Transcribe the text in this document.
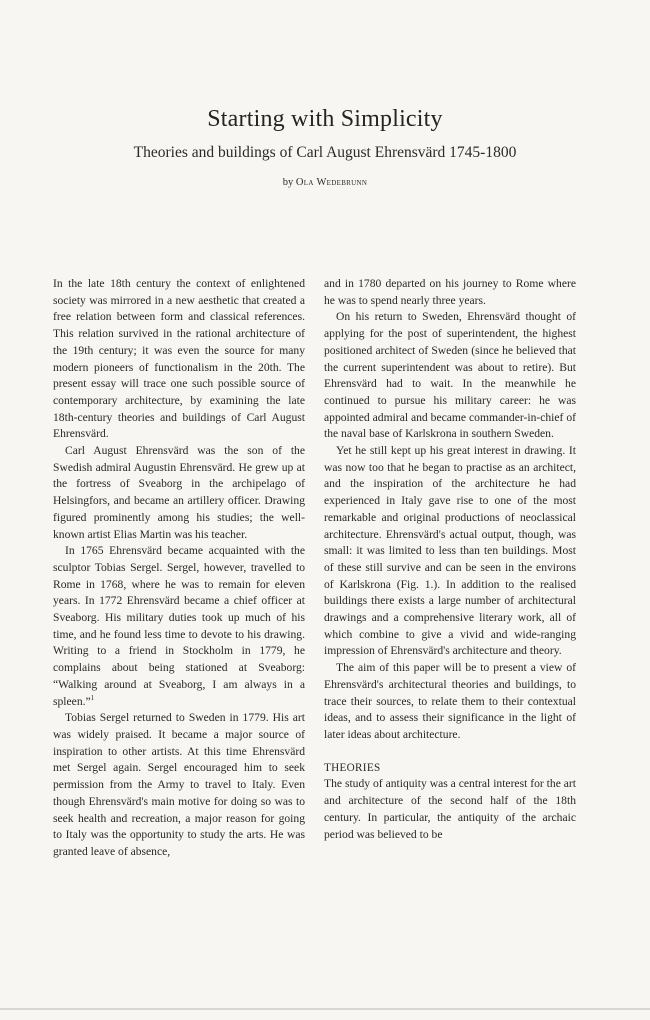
Starting with Simplicity
Theories and buildings of Carl August Ehrensvärd 1745-1800
by Ola Wedebrunn

In the late 18th century the context of enlightened society was mirrored in a new aesthetic that created a free relation between form and classical references. This relation survived in the rational architecture of the 19th century; it was even the source for many modern pioneers of functionalism in the 20th. The present essay will trace one such possible source of contemporary architecture, by examining the late 18th-century theories and buildings of Carl August Ehrensvärd.

Carl August Ehrensvärd was the son of the Swedish admiral Augustin Ehrensvärd. He grew up at the fortress of Sveaborg in the archipelago of Helsingfors, and became an artillery officer. Drawing figured prominently among his studies; the well-known artist Elias Martin was his teacher.

In 1765 Ehrensvärd became acquainted with the sculptor Tobias Sergel. Sergel, however, travelled to Rome in 1768, where he was to remain for eleven years. In 1772 Ehrensvärd became a chief officer at Sveaborg. His military duties took up much of his time, and he found less time to devote to his drawing. Writing to a friend in Stockholm in 1779, he complains about being stationed at Sveaborg: “Walking around at Sveaborg, I am always in a spleen.”$^1$

Tobias Sergel returned to Sweden in 1779. His art was widely praised. It became a major source of inspiration to other artists. At this time Ehrensvärd met Sergel again. Sergel encouraged him to seek permission from the Army to travel to Italy. Even though Ehrensvärd's main motive for doing so was to seek health and recreation, a major reason for going to Italy was the opportunity to study the arts. He was granted leave of absence,

and in 1780 departed on his journey to Rome where he was to spend nearly three years.

On his return to Sweden, Ehrensvärd thought of applying for the post of superintendent, the highest positioned architect of Sweden (since he believed that the current superintendent was about to retire). But Ehrensvärd had to wait. In the meanwhile he continued to pursue his military career: he was appointed admiral and became commander-in-chief of the naval base of Karlskrona in southern Sweden.

Yet he still kept up his great interest in drawing. It was now too that he began to practise as an architect, and the inspiration of the architecture he had experienced in Italy gave rise to one of the most remarkable and original productions of neoclassical architecture. Ehrensvärd's actual output, though, was small: it was limited to less than ten buildings. Most of these still survive and can be seen in the environs of Karlskrona (Fig. 1.). In addition to the realised buildings there exists a large number of architectural drawings and a comprehensive literary work, all of which combine to give a vivid and wide-ranging impression of Ehrensvärd's architecture and theory.

The aim of this paper will be to present a view of Ehrensvärd's architectural theories and buildings, to trace their sources, to relate them to their contextual ideas, and to assess their significance in the light of later ideas about architecture.

THEORIES

The study of antiquity was a central interest for the art and architecture of the second half of the 18th century. In particular, the antiquity of the archaic period was believed to be
